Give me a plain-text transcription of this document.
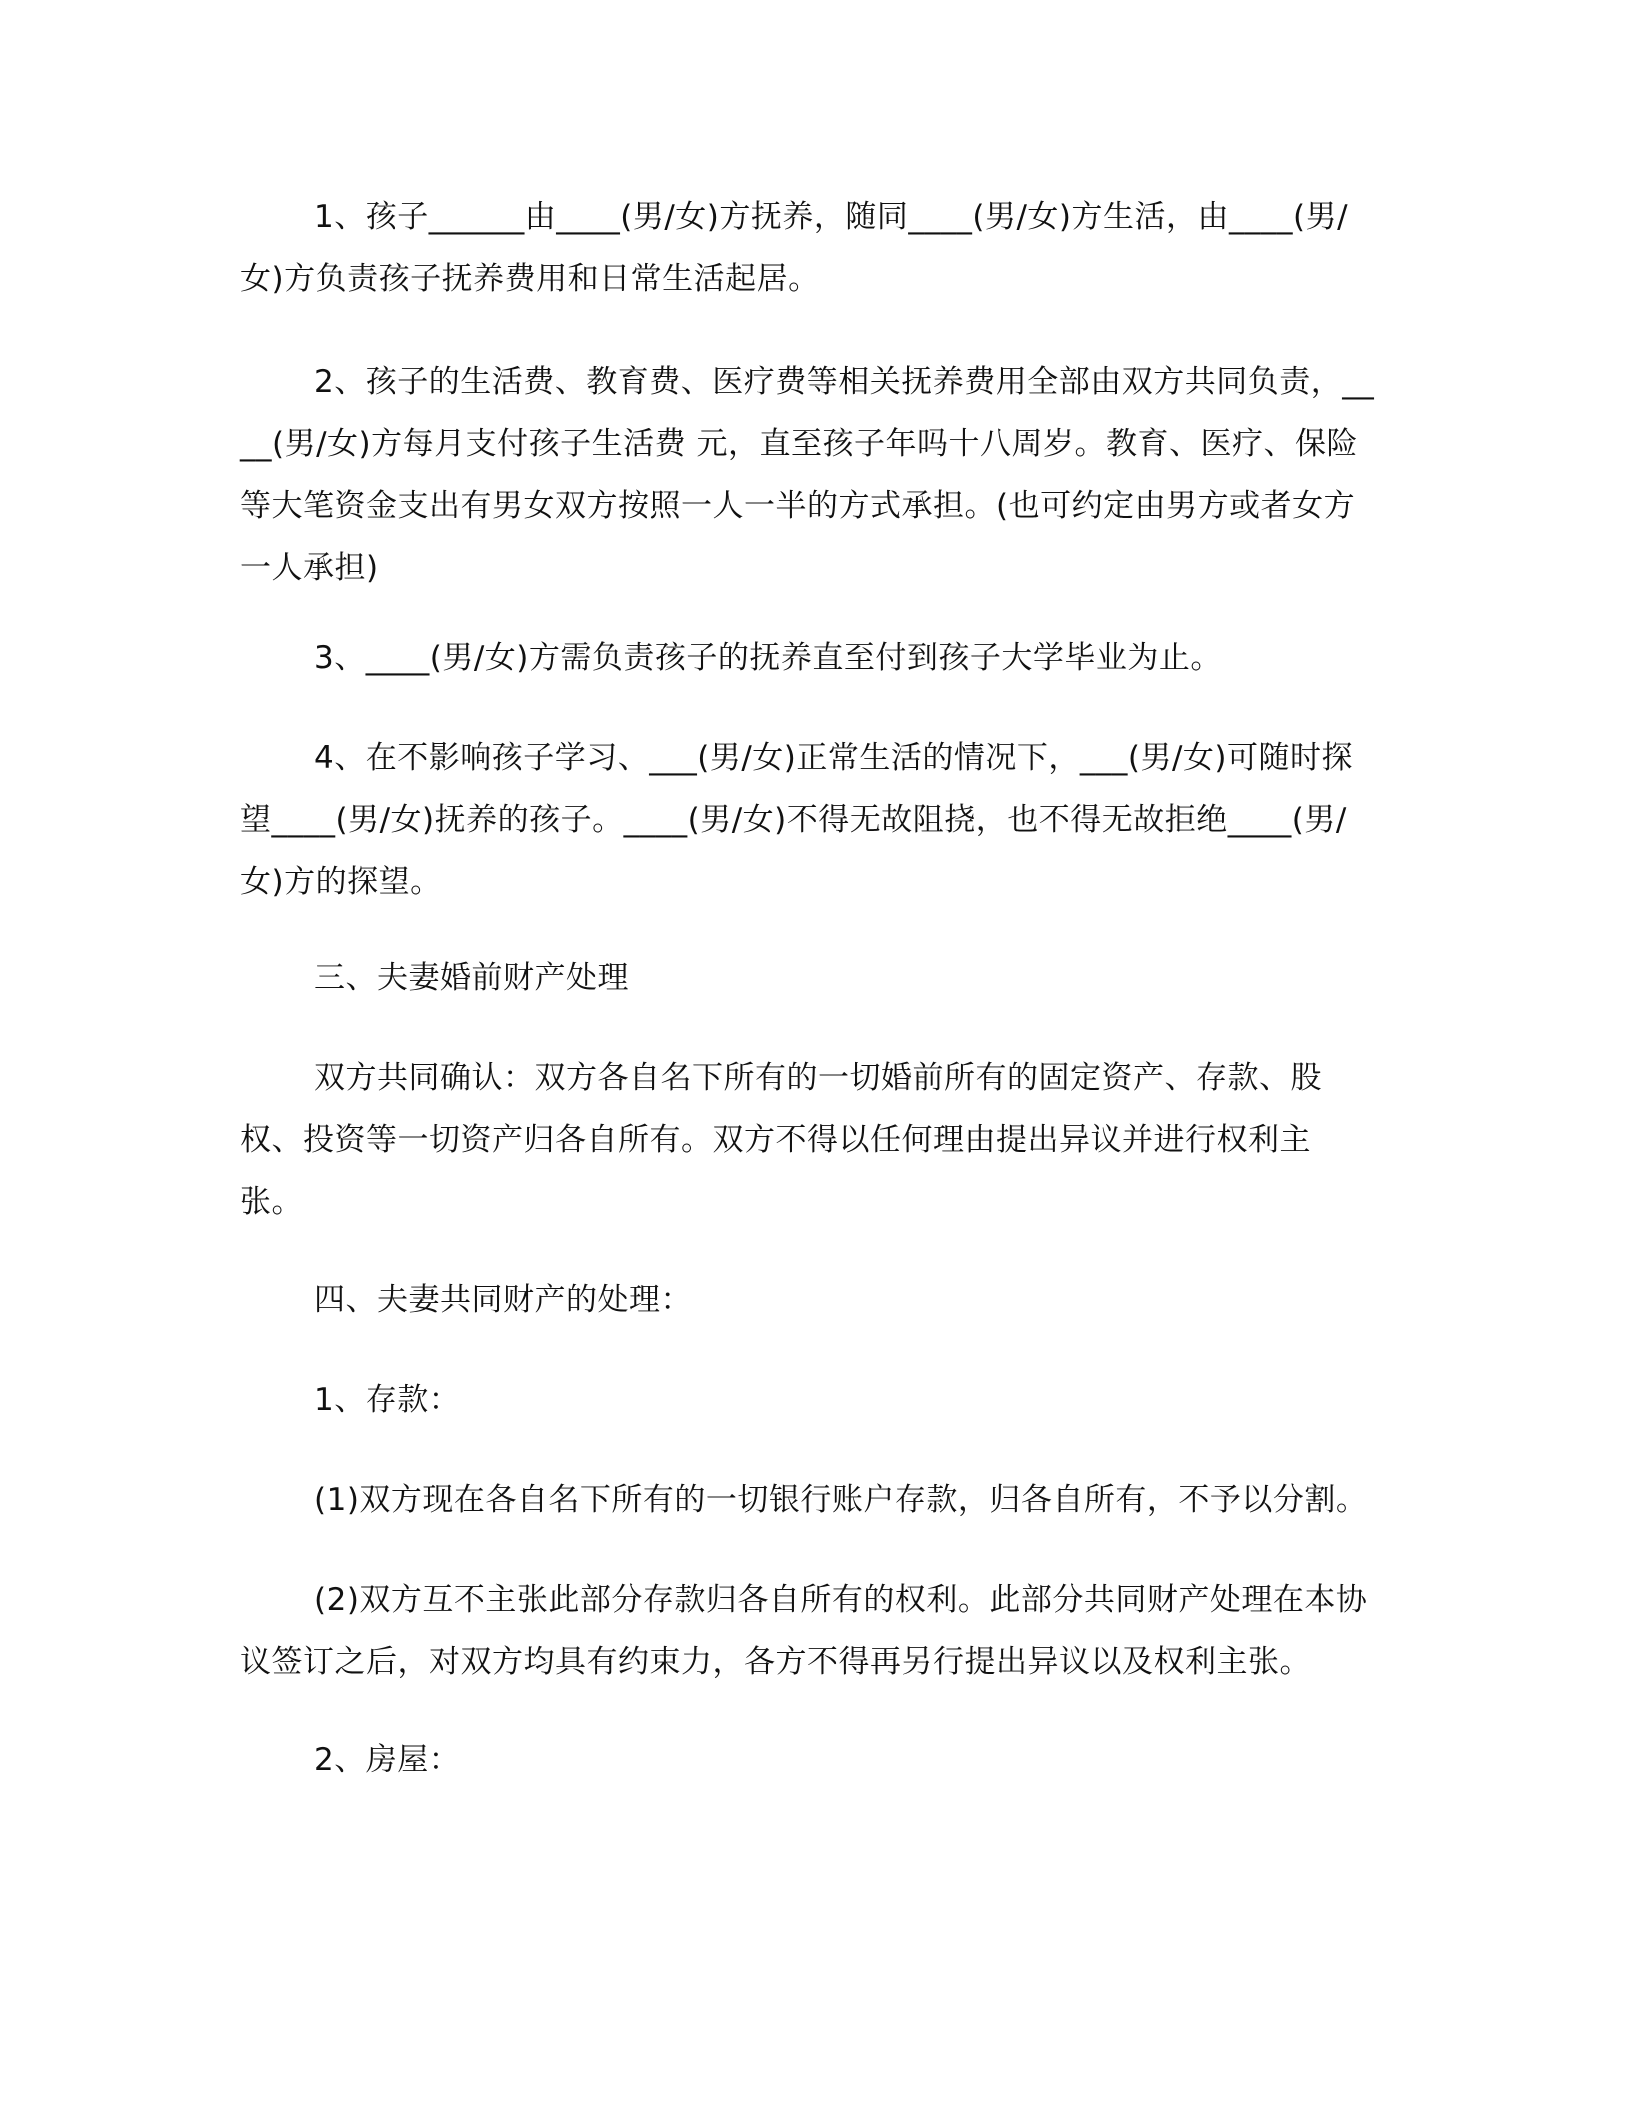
1、孩子______由____(男/女)方抚养，随同____(男/女)方生活，由____(男/女)方负责孩子抚养费用和日常生活起居。

2、孩子的生活费、教育费、医疗费等相关抚养费用全部由双方共同负责，____(男/女)方每月支付孩子生活费 元，直至孩子年吗十八周岁。教育、医疗、保险等大笔资金支出有男女双方按照一人一半的方式承担。(也可约定由男方或者女方一人承担)

3、____(男/女)方需负责孩子的抚养直至付到孩子大学毕业为止。

4、在不影响孩子学习、___(男/女)正常生活的情况下，___(男/女)可随时探望____(男/女)抚养的孩子。____(男/女)不得无故阻挠，也不得无故拒绝____(男/女)方的探望。

三、夫妻婚前财产处理

双方共同确认：双方各自名下所有的一切婚前所有的固定资产、存款、股权、投资等一切资产归各自所有。双方不得以任何理由提出异议并进行权利主张。

四、夫妻共同财产的处理：

1、存款：

(1)双方现在各自名下所有的一切银行账户存款，归各自所有，不予以分割。

(2)双方互不主张此部分存款归各自所有的权利。此部分共同财产处理在本协议签订之后，对双方均具有约束力，各方不得再另行提出异议以及权利主张。

2、房屋：
